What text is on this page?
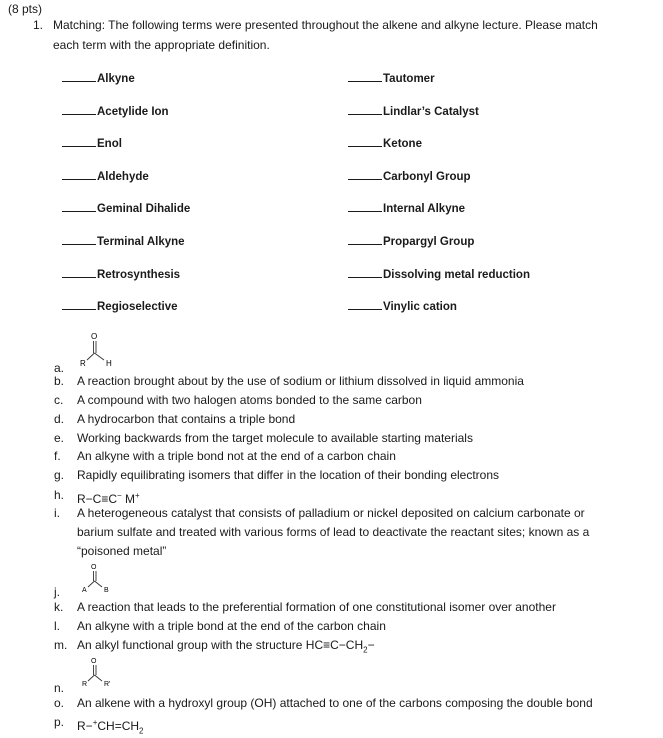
(8 pts)
1. Matching: The following terms were presented throughout the alkene and alkyne lecture. Please match
each term with the appropriate definition.
Alkyne
Acetylide Ion
Enol
Aldehyde
Geminal Dihalide
Terminal Alkyne
Retrosynthesis
Regioselective
Tautomer
Lindlar’s Catalyst
Ketone
Carbonyl Group
Internal Alkyne
Propargyl Group
Dissolving metal reduction
Vinylic cation
O
R	H
a.
b. A reaction brought about by the use of sodium or lithium dissolved in liquid ammonia
c. A compound with two halogen atoms bonded to the same carbon
d. A hydrocarbon that contains a triple bond
e. Working backwards from the target molecule to available starting materials
f. An alkyne with a triple bond not at the end of a carbon chain
g. Rapidly equilibrating isomers that differ in the location of their bonding electrons
h. R−C≡C− M+
i. A heterogeneous catalyst that consists of palladium or nickel deposited on calcium carbonate or
barium sulfate and treated with various forms of lead to deactivate the reactant sites; known as a
“poisoned metal”
O
A B
j.
k. A reaction that leads to the preferential formation of one constitutional isomer over another
l. An alkyne with a triple bond at the end of the carbon chain
m. An alkyl functional group with the structure $HC\equiv C-CH_2-$
O
R R'
n.
o. An alkene with a hydroxyl group (OH) attached to one of the carbons composing the double bond
p. $R-^+CH=CH_2$
